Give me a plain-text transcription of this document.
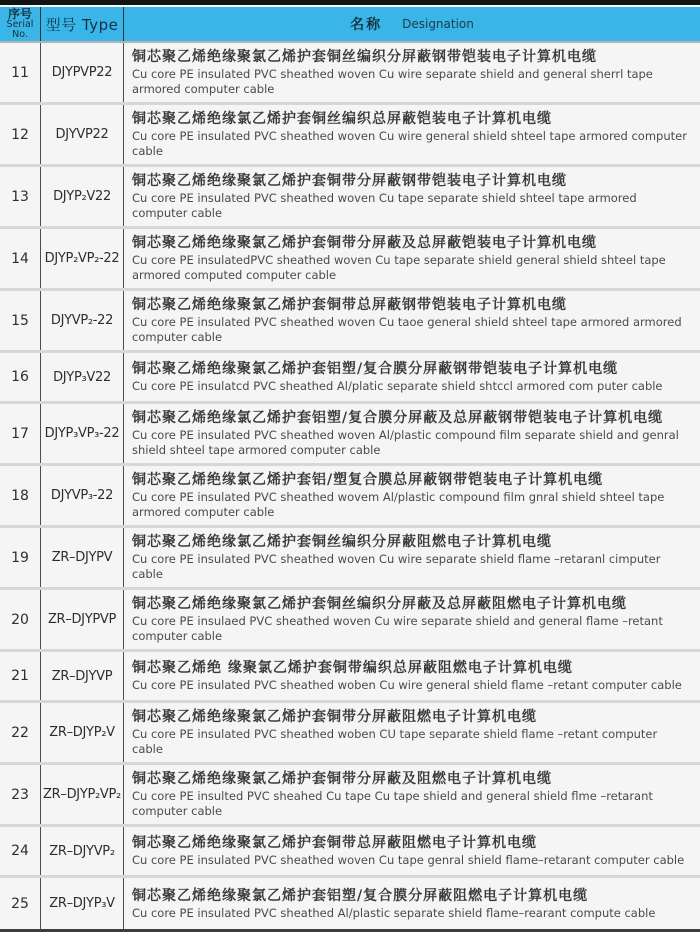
序号
Serial
No.
型号 Type	名称 Designation
11	DJYPVP22
铜芯聚乙烯绝缘聚氯乙烯护套铜丝编织分屏蔽钢带铠装电子计算机电缆
Cu core PE insulated PVC sheathed woven Cu wire separate shield and general sherrl tape armored computer cable
12	DJYVP22
铜芯聚乙烯绝缘氯乙烯护套铜丝编织总屏蔽铠装电子计算机电缆
Cu core PE insulated PVC sheathed woven Cu wire general shield shteel tape armored computer cable
13	DJYP₂V22
铜芯聚乙烯绝缘聚氯乙烯护套铜带分屏蔽钢带铠装电子计算机电缆
Cu core PE insulated PVC sheathed woven Cu tape separate shield shteel tape armored computer cable
14	DJYP₂VP₂-22
铜芯聚乙烯绝缘聚氯乙烯护套铜带分屏蔽及总屏蔽铠装电子计算机电缆
Cu core PE insulatedPVC sheathed woven Cu tape separate shield general shield shteel tape armored computed computer cable
15	DJYVP₂-22
铜芯聚乙烯绝缘聚氯乙烯护套铜带总屏蔽钢带铠装电子计算机电缆
Cu core PE insulated PVC sheathed woven Cu taoe general shield shteel tape armored armored computer cable
16	DJYP₃V22	铜芯聚乙烯绝缘聚氯乙烯护套铝塑/复合膜分屏蔽钢带铠装电子计算机电缆
Cu core PE insulatcd PVC sheathed Al/platic separate shield shtccl armored com puter cable
17	DJYP₃VP₃-22
铜芯聚乙烯绝缘氯乙烯护套铝塑/复合膜分屏蔽及总屏蔽钢带铠装电子计算机电缆
Cu core PE insulated PVC sheathed woven Al/plastic compound film separate shield and genral shield shteel tape armored computer cable
18	DJYVP₃-22
铜芯聚乙烯绝缘氯乙烯护套铝/塑复合膜总屏蔽钢带铠装电子计算机电缆
Cu core PE insulated PVC sheathed wovem Al/plastic compound film gnral shield shteel tape armored computer cable
19	ZR–DJYPV
铜芯聚乙烯绝缘氯乙烯护套铜丝编织分屏蔽阻燃电子计算机电缆
Cu core PE insulated PVC sheathed woven Cu wire separate shield flame –retaranl cimputer cable
20	ZR–DJYPVP
铜芯聚乙烯绝缘聚氯乙烯护套铜丝编织分屏蔽及总屏蔽阻燃电子计算机电缆
Cu core PE insulaed PVC sheathed woven Cu wire separate shield and general flame –retant computer cable
21	ZR–DJYVP	铜芯聚乙烯绝 缘聚氯乙烯护套铜带编织总屏蔽阻燃电子计算机电缆
Cu core PE insulated PVC sheathed woben Cu wire general shield flame –retant computer cable
22	ZR–DJYP₂V
铜芯聚乙烯绝缘聚氯乙烯护套铜带分屏蔽阻燃电子计算机电缆
Cu core PE insulated PVC sheathed woben CU tape separate shield flame –retant computer cable
23	ZR–DJYP₂VP₂
铜芯聚乙烯绝缘聚氯乙烯护套铜带分屏蔽及阻燃电子计算机电缆
Cu core PE insulted PVC sheahed Cu tape Cu tape shield and general shield flme –retarant computer cable
24	ZR–DJYVP₂	铜芯聚乙烯绝缘聚氯乙烯护套铜带总屏蔽阻燃电子计算机电缆
Cu core PE insulated PVC sheathed woven Cu tape genral shield flame–retarant computer cable
25	ZR–DJYP₃V	铜芯聚乙烯绝缘聚氯乙烯护套铝塑/复合膜分屏蔽阻燃电子计算机电缆
Cu core PE insulated PVC sheathed Al/plastic separate shield flame–rearant compute cable
